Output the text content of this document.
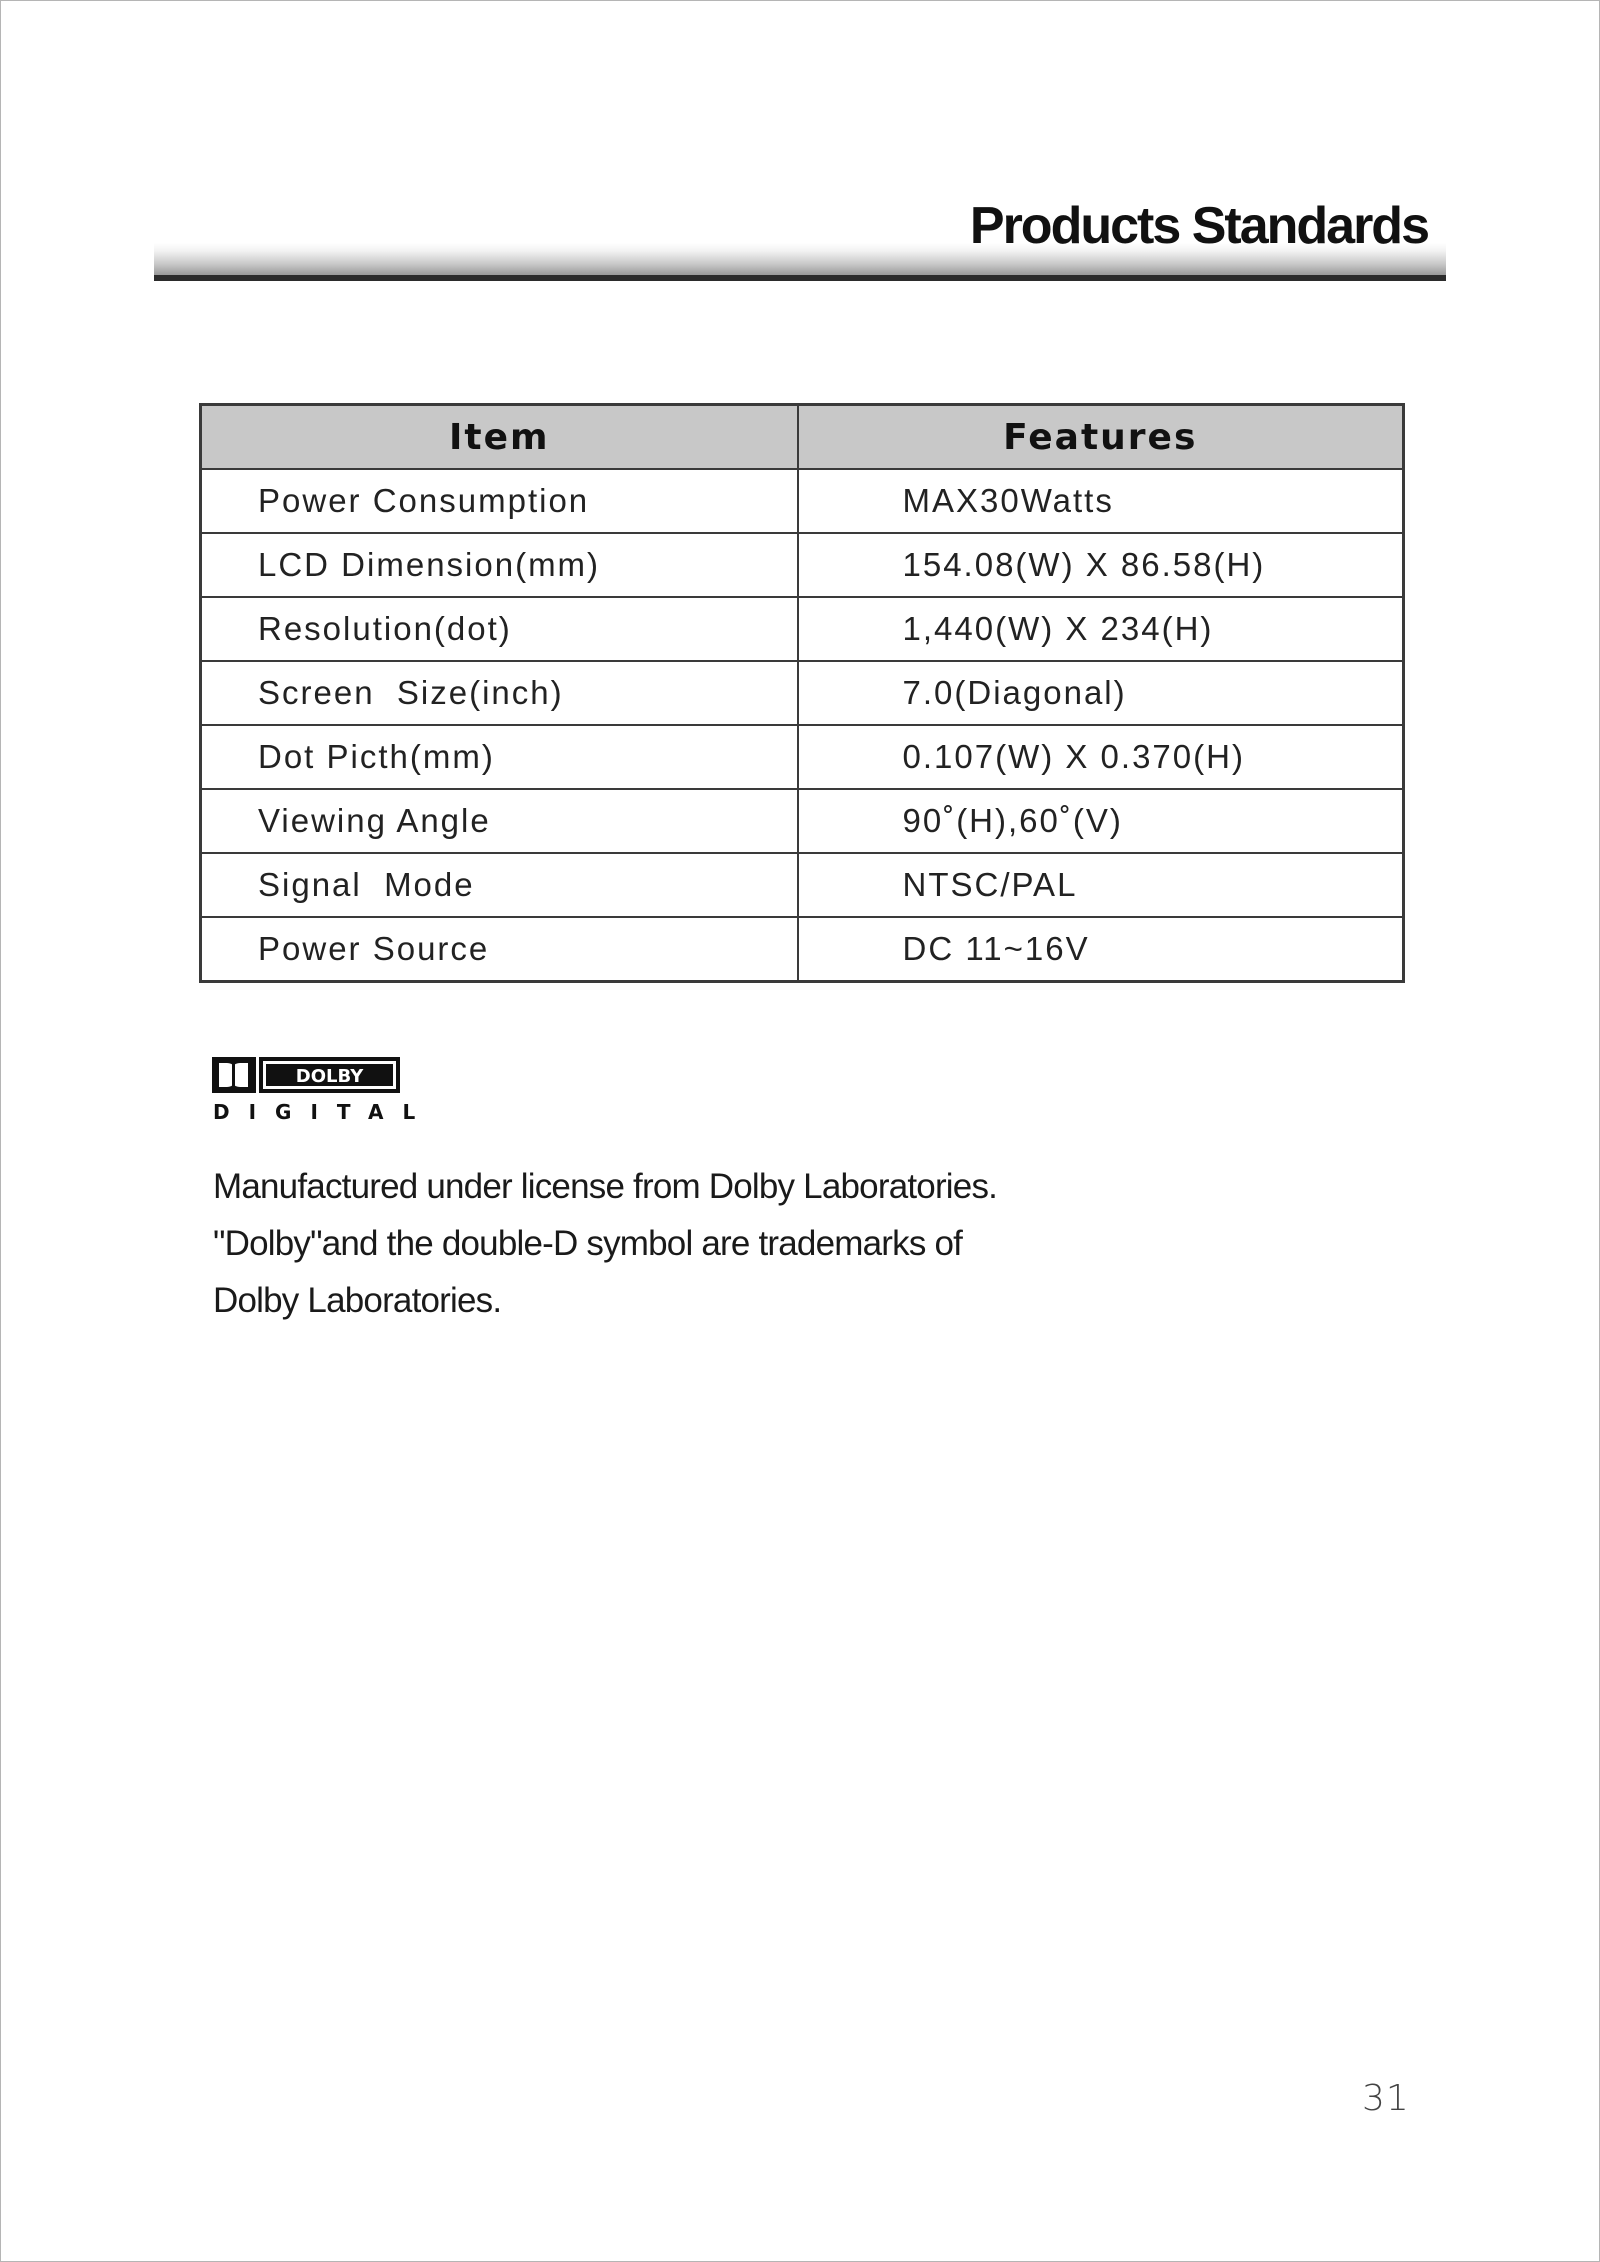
Products Standards
Item	Features
Power Consumption	MAX30Watts
LCD Dimension(mm)	154.08(W) X 86.58(H)
Resolution(dot)	1,440(W) X 234(H)
Screen  Size(inch)	7.0(Diagonal)
Dot Picth(mm)	0.107(W) X 0.370(H)
Viewing Angle	90˚(H),60˚(V)
Signal  Mode	NTSC/PAL
Power Source	DC 11~16V
DOLBY
DIGITAL
Manufactured under license from Dolby Laboratories.
"Dolby"and the double-D symbol are trademarks of
Dolby Laboratories.
31
